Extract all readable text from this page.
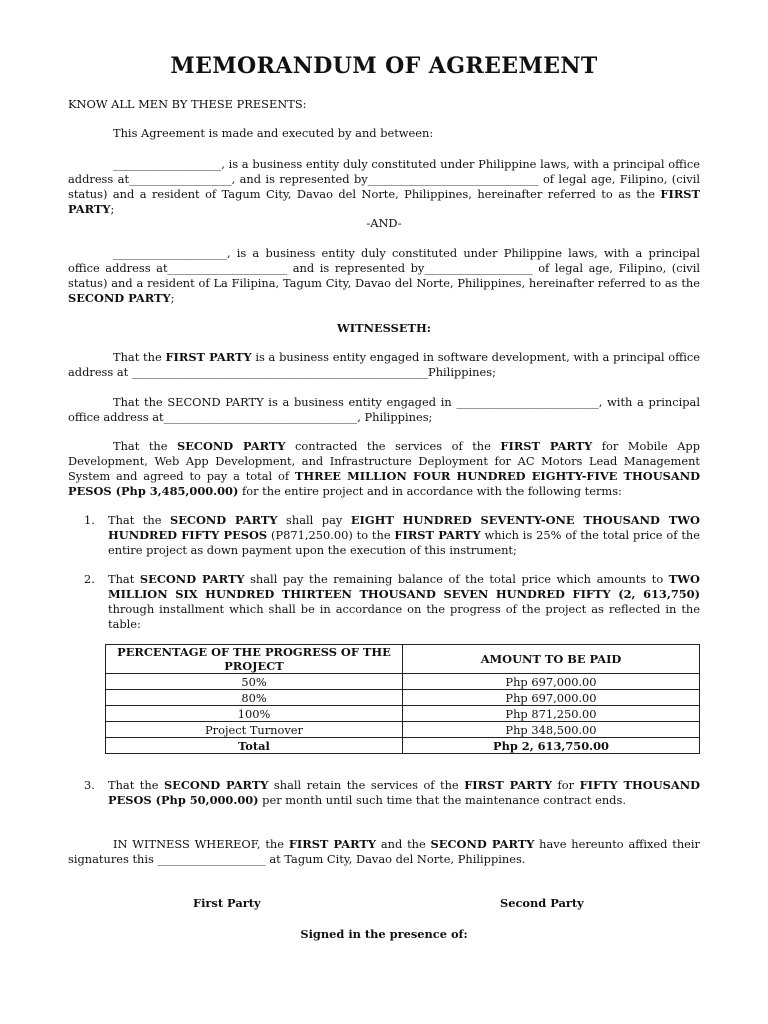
MEMORANDUM OF AGREEMENT
KNOW ALL MEN BY THESE PRESENTS:
This Agreement is made and executed by and between:
___________________, is a business entity duly constituted under Philippine laws, with a principal office address at__________________, and is represented by______________________________ of legal age, Filipino, (civil status) and a resident of Tagum City, Davao del Norte, Philippines, hereinafter referred to as the FIRST PARTY;
-AND-
____________________, is a business entity duly constituted under Philippine laws, with a principal office address at_____________________ and is represented by___________________ of legal age, Filipino, (civil status) and a resident of La Filipina, Tagum City, Davao del Norte, Philippines, hereinafter referred to as the SECOND PARTY;
WITNESSETH:
That the FIRST PARTY is a business entity engaged in software development, with a principal office address at ____________________________________________________Philippines;
That the SECOND PARTY is a business entity engaged in _________________________, with a principal office address at__________________________________, Philippines;
That the SECOND PARTY contracted the services of the FIRST PARTY for Mobile App Development, Web App Development, and Infrastructure Deployment for AC Motors Lead Management System and agreed to pay a total of THREE MILLION FOUR HUNDRED EIGHTY-FIVE THOUSAND PESOS (Php 3,485,000.00) for the entire project and in accordance with the following terms:
1. That the SECOND PARTY shall pay EIGHT HUNDRED SEVENTY-ONE THOUSAND TWO HUNDRED FIFTY PESOS (P871,250.00) to the FIRST PARTY which is 25% of the total price of the entire project as down payment upon the execution of this instrument;
2. That SECOND PARTY shall pay the remaining balance of the total price which amounts to TWO MILLION SIX HUNDRED THIRTEEN THOUSAND SEVEN HUNDRED FIFTY (2, 613,750) through installment which shall be in accordance on the progress of the project as reflected in the table:
PERCENTAGE OF THE PROGRESS OF THE PROJECT	AMOUNT TO BE PAID
50%	Php 697,000.00
80%	Php 697,000.00
100%	Php 871,250.00
Project Turnover	Php 348,500.00
Total	Php 2, 613,750.00
3. That the SECOND PARTY shall retain the services of the FIRST PARTY for FIFTY THOUSAND PESOS (Php 50,000.00) per month until such time that the maintenance contract ends.
IN WITNESS WHEREOF, the FIRST PARTY and the SECOND PARTY have hereunto affixed their signatures this ___________________ at Tagum City, Davao del Norte, Philippines.
First Party	Second Party
Signed in the presence of:
